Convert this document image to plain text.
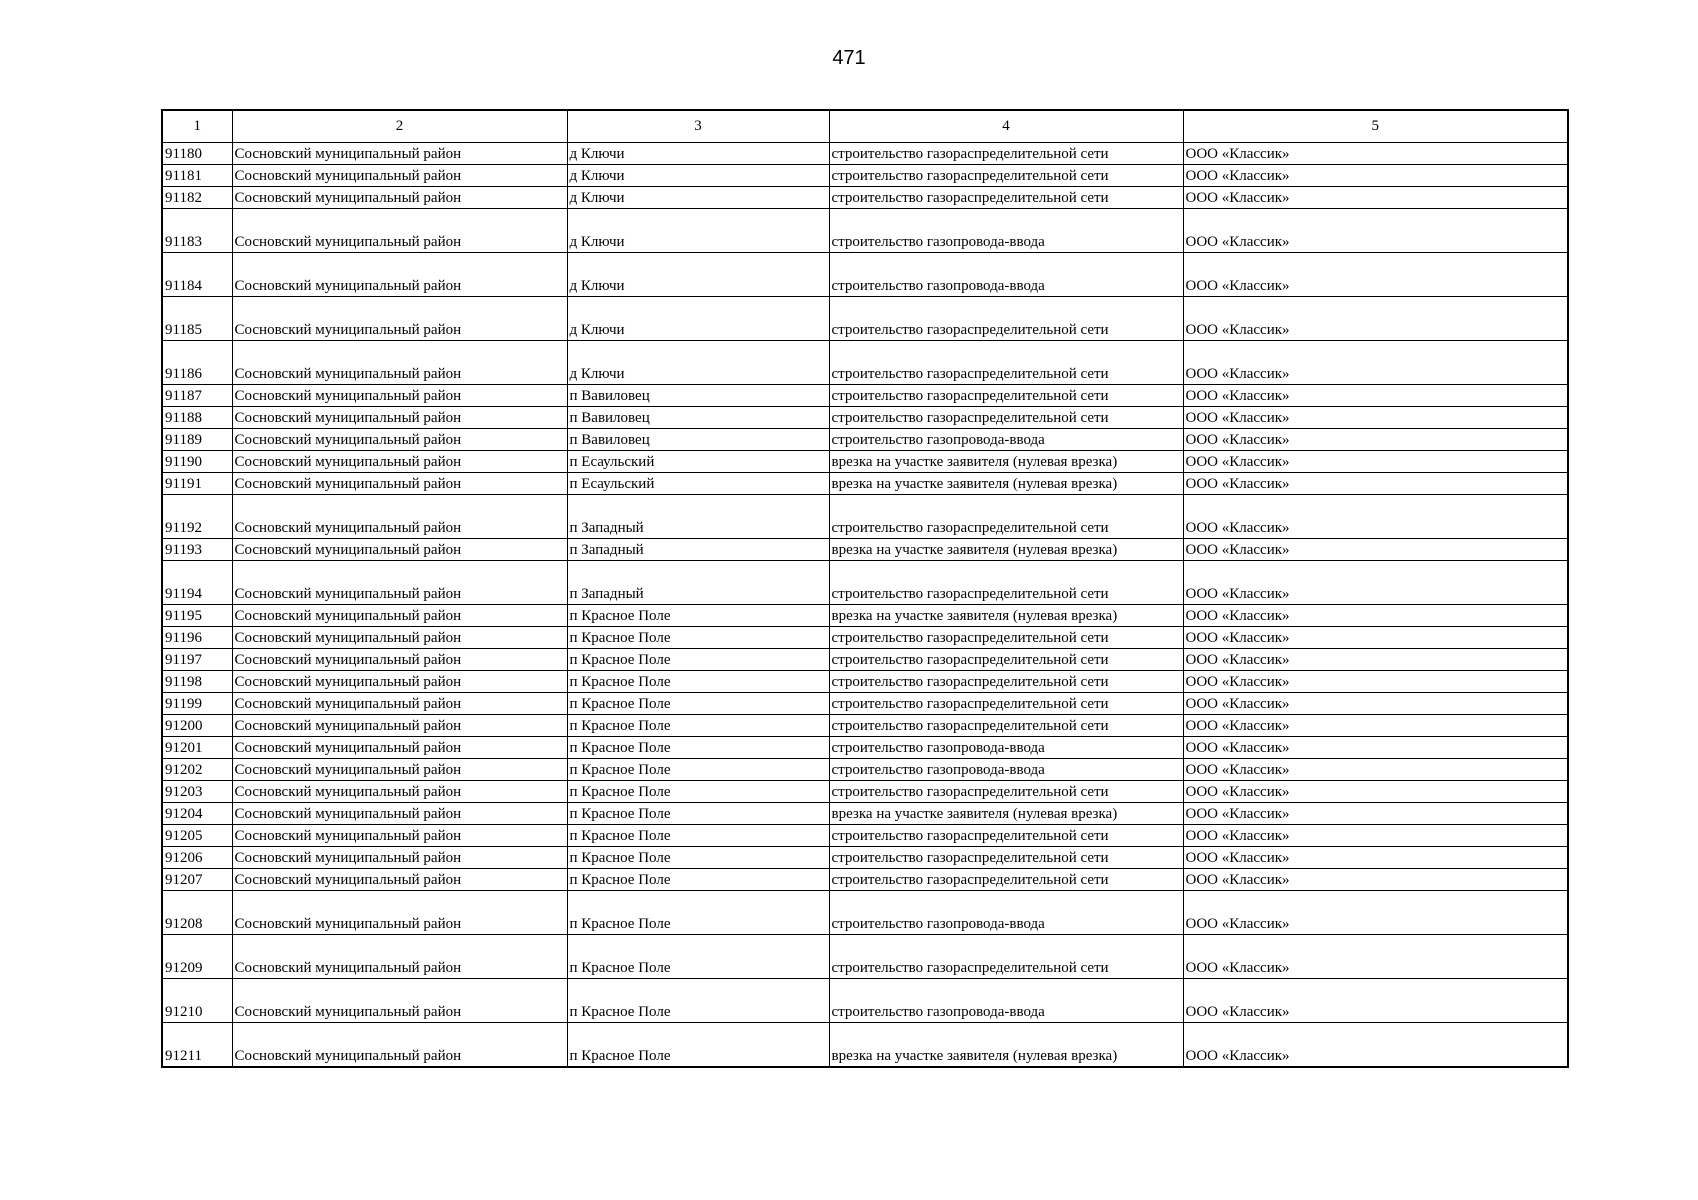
471
1	2	3	4	5
91180	Сосновский муниципальный район	д Ключи	строительство газораспределительной сети	ООО «Классик»
91181	Сосновский муниципальный район	д Ключи	строительство газораспределительной сети	ООО «Классик»
91182	Сосновский муниципальный район	д Ключи	строительство газораспределительной сети	ООО «Классик»
91183	Сосновский муниципальный район	д Ключи	строительство газопровода-ввода	ООО «Классик»
91184	Сосновский муниципальный район	д Ключи	строительство газопровода-ввода	ООО «Классик»
91185	Сосновский муниципальный район	д Ключи	строительство газораспределительной сети	ООО «Классик»
91186	Сосновский муниципальный район	д Ключи	строительство газораспределительной сети	ООО «Классик»
91187	Сосновский муниципальный район	п Вавиловец	строительство газораспределительной сети	ООО «Классик»
91188	Сосновский муниципальный район	п Вавиловец	строительство газораспределительной сети	ООО «Классик»
91189	Сосновский муниципальный район	п Вавиловец	строительство газопровода-ввода	ООО «Классик»
91190	Сосновский муниципальный район	п Есаульский	врезка на участке заявителя (нулевая врезка)	ООО «Классик»
91191	Сосновский муниципальный район	п Есаульский	врезка на участке заявителя (нулевая врезка)	ООО «Классик»
91192	Сосновский муниципальный район	п Западный	строительство газораспределительной сети	ООО «Классик»
91193	Сосновский муниципальный район	п Западный	врезка на участке заявителя (нулевая врезка)	ООО «Классик»
91194	Сосновский муниципальный район	п Западный	строительство газораспределительной сети	ООО «Классик»
91195	Сосновский муниципальный район	п Красное Поле	врезка на участке заявителя (нулевая врезка)	ООО «Классик»
91196	Сосновский муниципальный район	п Красное Поле	строительство газораспределительной сети	ООО «Классик»
91197	Сосновский муниципальный район	п Красное Поле	строительство газораспределительной сети	ООО «Классик»
91198	Сосновский муниципальный район	п Красное Поле	строительство газораспределительной сети	ООО «Классик»
91199	Сосновский муниципальный район	п Красное Поле	строительство газораспределительной сети	ООО «Классик»
91200	Сосновский муниципальный район	п Красное Поле	строительство газораспределительной сети	ООО «Классик»
91201	Сосновский муниципальный район	п Красное Поле	строительство газопровода-ввода	ООО «Классик»
91202	Сосновский муниципальный район	п Красное Поле	строительство газопровода-ввода	ООО «Классик»
91203	Сосновский муниципальный район	п Красное Поле	строительство газораспределительной сети	ООО «Классик»
91204	Сосновский муниципальный район	п Красное Поле	врезка на участке заявителя (нулевая врезка)	ООО «Классик»
91205	Сосновский муниципальный район	п Красное Поле	строительство газораспределительной сети	ООО «Классик»
91206	Сосновский муниципальный район	п Красное Поле	строительство газораспределительной сети	ООО «Классик»
91207	Сосновский муниципальный район	п Красное Поле	строительство газораспределительной сети	ООО «Классик»
91208	Сосновский муниципальный район	п Красное Поле	строительство газопровода-ввода	ООО «Классик»
91209	Сосновский муниципальный район	п Красное Поле	строительство газораспределительной сети	ООО «Классик»
91210	Сосновский муниципальный район	п Красное Поле	строительство газопровода-ввода	ООО «Классик»
91211	Сосновский муниципальный район	п Красное Поле	врезка на участке заявителя (нулевая врезка)	ООО «Классик»
